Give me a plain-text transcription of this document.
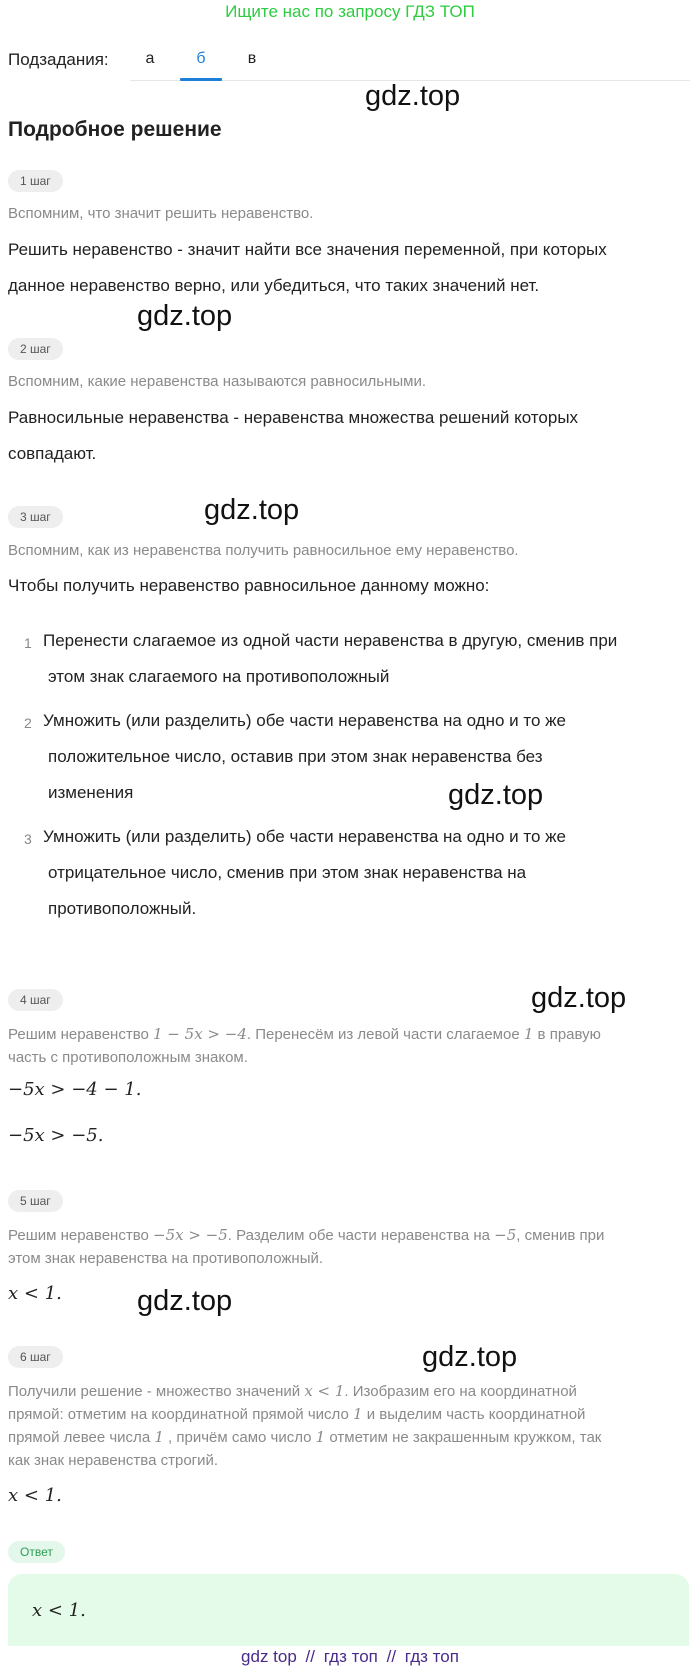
Ищите нас по запросу ГДЗ ТОП
Подзадания:	а	б	в
Подробное решение
gdz.top
gdz.top
gdz.top
gdz.top
gdz.top
gdz.top
gdz.top
1 шаг
Вспомним, что значит решить неравенство.
Решить неравенство - значит найти все значения переменной, при которых
данное неравенство верно, или убедиться, что таких значений нет.
2 шаг
Вспомним, какие неравенства называются равносильными.
Равносильные неравенства - неравенства множества решений которых
совпадают.
3 шаг
Вспомним, как из неравенства получить равносильное ему неравенство.
Чтобы получить неравенство равносильное данному можно:
1 Перенести слагаемое из одной части неравенства в другую, сменив при
этом знак слагаемого на противоположный
2 Умножить (или разделить) обе части неравенства на одно и то же
положительное число, оставив при этом знак неравенства без
изменения
3 Умножить (или разделить) обе части неравенства на одно и то же
отрицательное число, сменив при этом знак неравенства на
противоположный.
4 шаг
Решим неравенство 1 − 5x > −4. Перенесём из левой части слагаемое 1 в правую
часть с противоположным знаком.
−5x > −4 − 1.
−5x > −5.
5 шаг
Решим неравенство −5x > −5. Разделим обе части неравенства на −5, сменив при
этом знак неравенства на противоположный.
x < 1.
6 шаг
Получили решение - множество значений x < 1. Изобразим его на координатной
прямой: отметим на координатной прямой число 1 и выделим часть координатной
прямой левее числа 1 , причём само число 1 отметим не закрашенным кружком, так
как знак неравенства строгий.
x < 1.
Ответ
x < 1.
gdz top // гдз топ // гдз топ
